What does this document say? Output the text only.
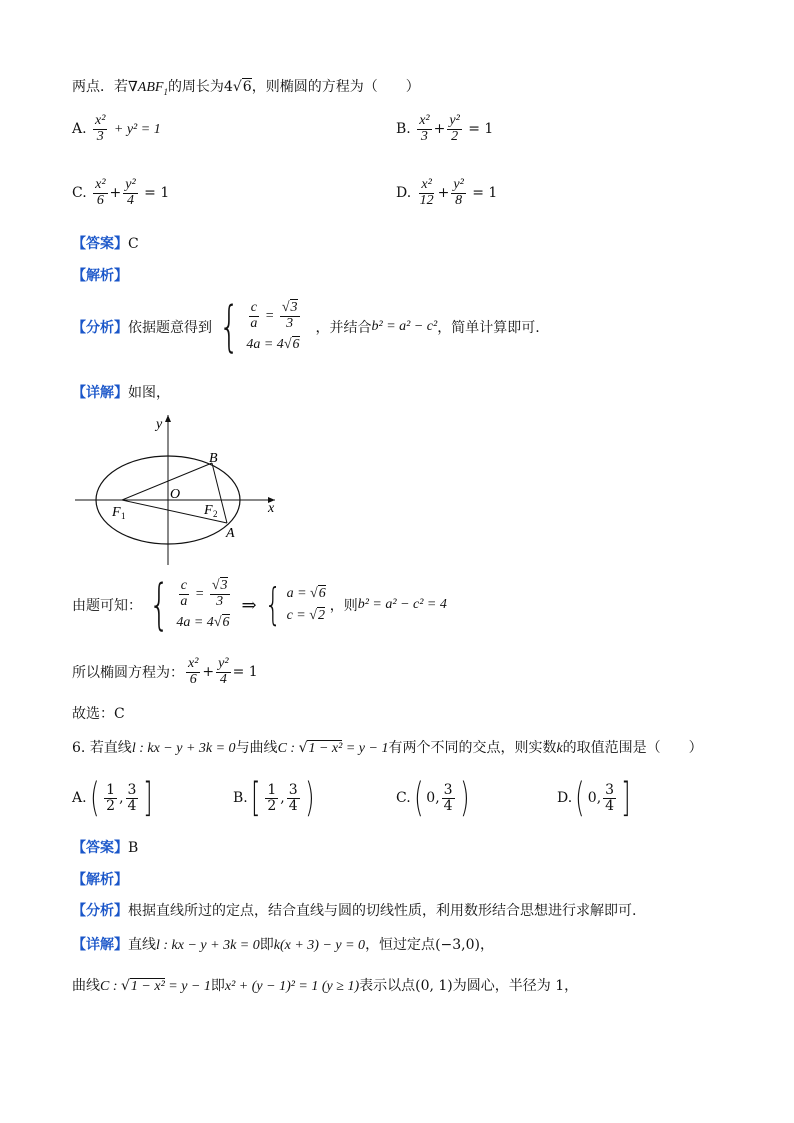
两点．若$\nabla ABF_1$的周长为4√6，则椭圆的方程为（　　）
A. $\frac{\text{x²}}{3} + y^2 = 1$	B. $\frac{\text{x²}}{3} + \frac{\text{y²}}{2} = 1$
C. $\frac{\text{x²}}{6} + \frac{\text{y²}}{4} = 1$	D. $\frac{\text{x²}}{12} + \frac{\text{y²}}{8} = 1$
【答案】C
【解析】
【分析】 依据题意得到 { $\frac{c}{a} = \frac{√3}{3}$
4a = 4√6
，并结合 b² = a² − c² ，简单计算即可.
【详解】如图，
y
x
O
B
A
F 1	F 2
由题可知： { $\frac{c}{a} = \frac{√3}{3}$
4a = 4√6
⇒ { a = √6
c = √2
，则 b² = a² − c² = 4
所以椭圆方程为： $\frac{\text{x²}}{6} + \frac{\text{y²}}{4} = 1$
故选：C
6. 若直线l : kx − y + 3k = 0与曲线C : √1 − x² = y − 1有两个不同的交点，则实数k的取值范围是（　　）
A. ( $\frac{1}{2}$ , $\frac{3}{4}$ ]	B. [ $\frac{1}{2}$ , $\frac{3}{4}$ )	C. ( 0, $\frac{3}{4}$ )	D. ( 0, $\frac{3}{4}$ ]
【答案】B
【解析】
【分析】根据直线所过的定点，结合直线与圆的切线性质，利用数形结合思想进行求解即可.
【详解】直线l : kx − y + 3k = 0即k(x + 3) − y = 0，恒过定点(−3,0)，
曲线C : √1 − x² = y − 1即x² + (y − 1)² = 1 (y ≥ 1)表示以点(0, 1)为圆心，半径为 1，
